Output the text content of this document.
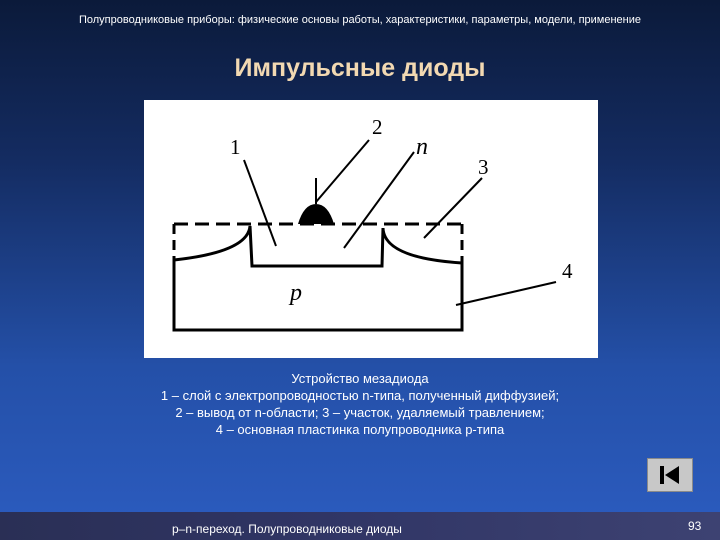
Полупроводниковые приборы: физические основы работы, характеристики, параметры, модели, применение
Импульсные диоды
1
2
n
3
4
p
Устройство мезадиода
1 – слой с электропроводностью n-типа, полученный диффузией;
2 – вывод от n-области; 3 – участок, удаляемый травлением;
4 – основная пластинка полупроводника p-типа
p–n-переход. Полупроводниковые диоды	93
